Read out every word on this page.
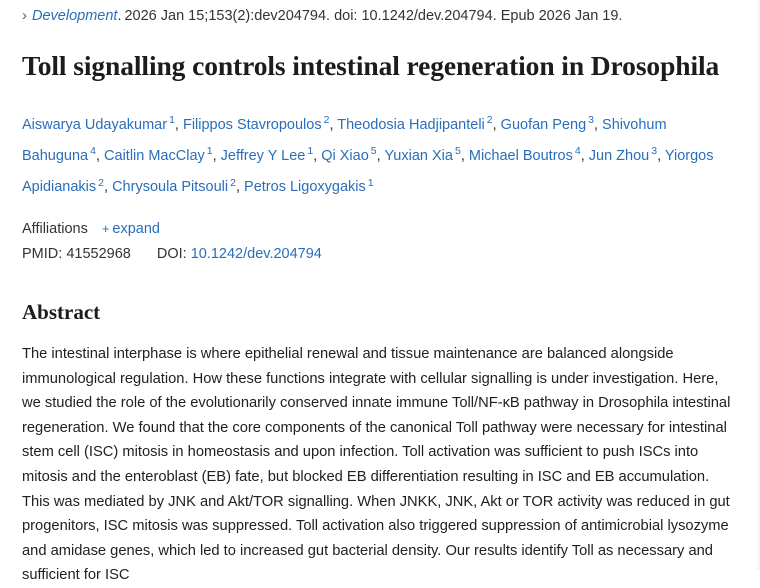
› Development . 2026 Jan 15;153(2):dev204794. doi: 10.1242/dev.204794. Epub 2026 Jan 19.
Toll signalling controls intestinal regeneration in Drosophila
Aiswarya Udayakumar $^1$, Filippos Stavropoulos $^2$, Theodosia Hadjipanteli $^2$, Guofan Peng $^3$, Shivohum Bahuguna $^4$, Caitlin MacClay $^1$, Jeffrey Y Lee $^1$, Qi Xiao $^5$, Yuxian Xia $^5$, Michael Boutros $^4$, Jun Zhou $^3$, Yiorgos Apidianakis $^2$, Chrysoula Pitsouli $^2$, Petros Ligoxygakis $^1$
Affiliations + expand
PMID: 41552968 DOI: 10.1242/dev.204794
Abstract
The intestinal interphase is where epithelial renewal and tissue maintenance are balanced alongside immunological regulation. How these functions integrate with cellular signalling is under investigation. Here, we studied the role of the evolutionarily conserved innate immune Toll/NF-κB pathway in Drosophila intestinal regeneration. We found that the core components of the canonical Toll pathway were necessary for intestinal stem cell (ISC) mitosis in homeostasis and upon infection. Toll activation was sufficient to push ISCs into mitosis and the enteroblast (EB) fate, but blocked EB differentiation resulting in ISC and EB accumulation. This was mediated by JNK and Akt/TOR signalling. When JNKK, JNK, Akt or TOR activity was reduced in gut progenitors, ISC mitosis was suppressed. Toll activation also triggered suppression of antimicrobial lysozyme and amidase genes, which led to increased gut bacterial density. Our results identify Toll as necessary and sufficient for ISC
